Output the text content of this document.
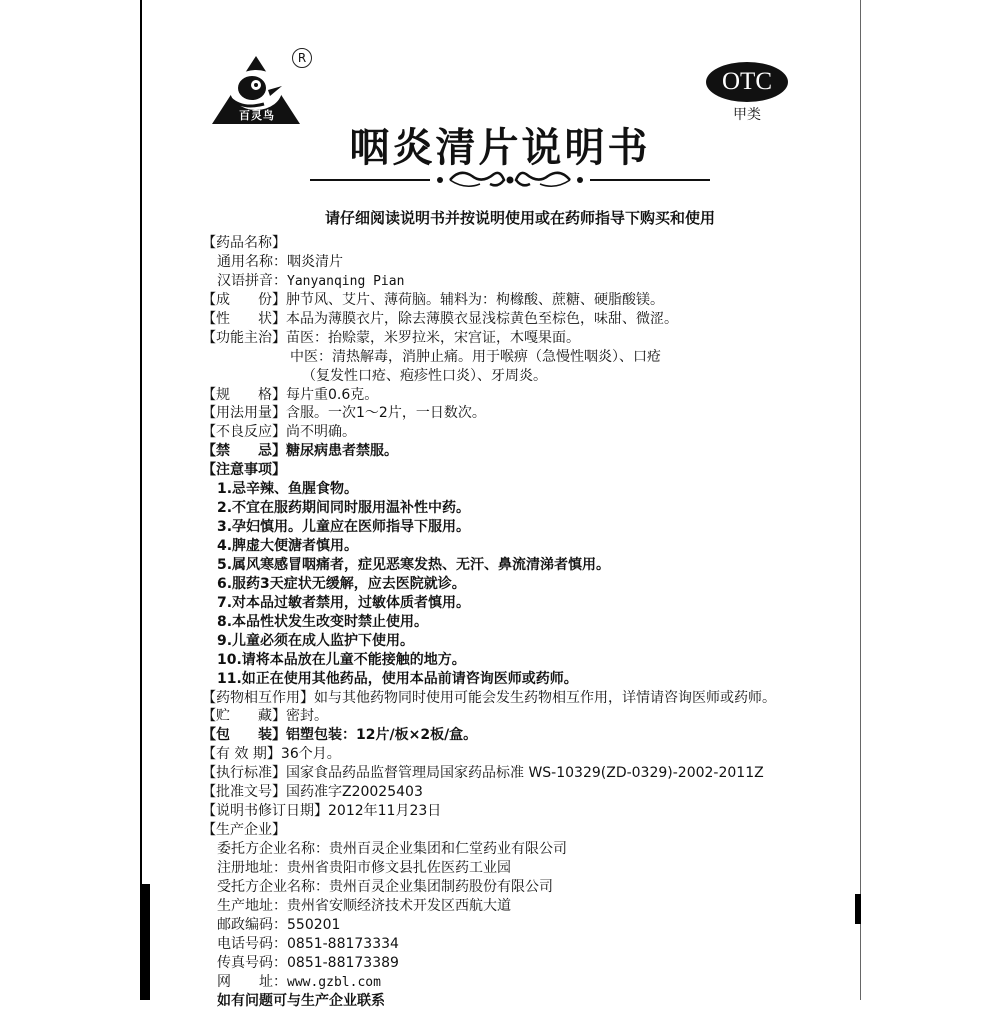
R
百灵鸟
OTC
甲类
咽炎清片说明书
请仔细阅读说明书并按说明使用或在药师指导下购买和使用
【药品名称】
通用名称：咽炎清片
汉语拼音：Yanyanqing Pian
【成　　份】肿节风、艾片、薄荷脑。辅料为：枸橼酸、蔗糖、硬脂酸镁。
【性　　状】本品为薄膜衣片，除去薄膜衣显浅棕黄色至棕色，味甜、微涩。
【功能主治】苗医：抬赊蒙，米罗拉米，宋宫证，木嘎果面。
中医：清热解毒，消肿止痛。用于喉痹（急慢性咽炎）、口疮
（复发性口疮、疱疹性口炎）、牙周炎。
【规　　格】每片重0.6克。
【用法用量】含服。一次1～2片，一日数次。
【不良反应】尚不明确。
【禁　　忌】糖尿病患者禁服。
【注意事项】
1.忌辛辣、鱼腥食物。
2.不宜在服药期间同时服用温补性中药。
3.孕妇慎用。儿童应在医师指导下服用。
4.脾虚大便溏者慎用。
5.属风寒感冒咽痛者，症见恶寒发热、无汗、鼻流清涕者慎用。
6.服药3天症状无缓解，应去医院就诊。
7.对本品过敏者禁用，过敏体质者慎用。
8.本品性状发生改变时禁止使用。
9.儿童必须在成人监护下使用。
10.请将本品放在儿童不能接触的地方。
11.如正在使用其他药品，使用本品前请咨询医师或药师。
【药物相互作用】如与其他药物同时使用可能会发生药物相互作用，详情请咨询医师或药师。
【贮　　藏】密封。
【包　　装】铝塑包装：12片/板×2板/盒。
【有 效 期】36个月。
【执行标准】国家食品药品监督管理局国家药品标准 WS-10329(ZD-0329)-2002-2011Z
【批准文号】国药准字Z20025403
【说明书修订日期】2012年11月23日
【生产企业】
委托方企业名称：贵州百灵企业集团和仁堂药业有限公司
注册地址：贵州省贵阳市修文县扎佐医药工业园
受托方企业名称：贵州百灵企业集团制药股份有限公司
生产地址：贵州省安顺经济技术开发区西航大道
邮政编码：550201
电话号码：0851-88173334
传真号码：0851-88173389
网　　址：www.gzbl.com
如有问题可与生产企业联系
